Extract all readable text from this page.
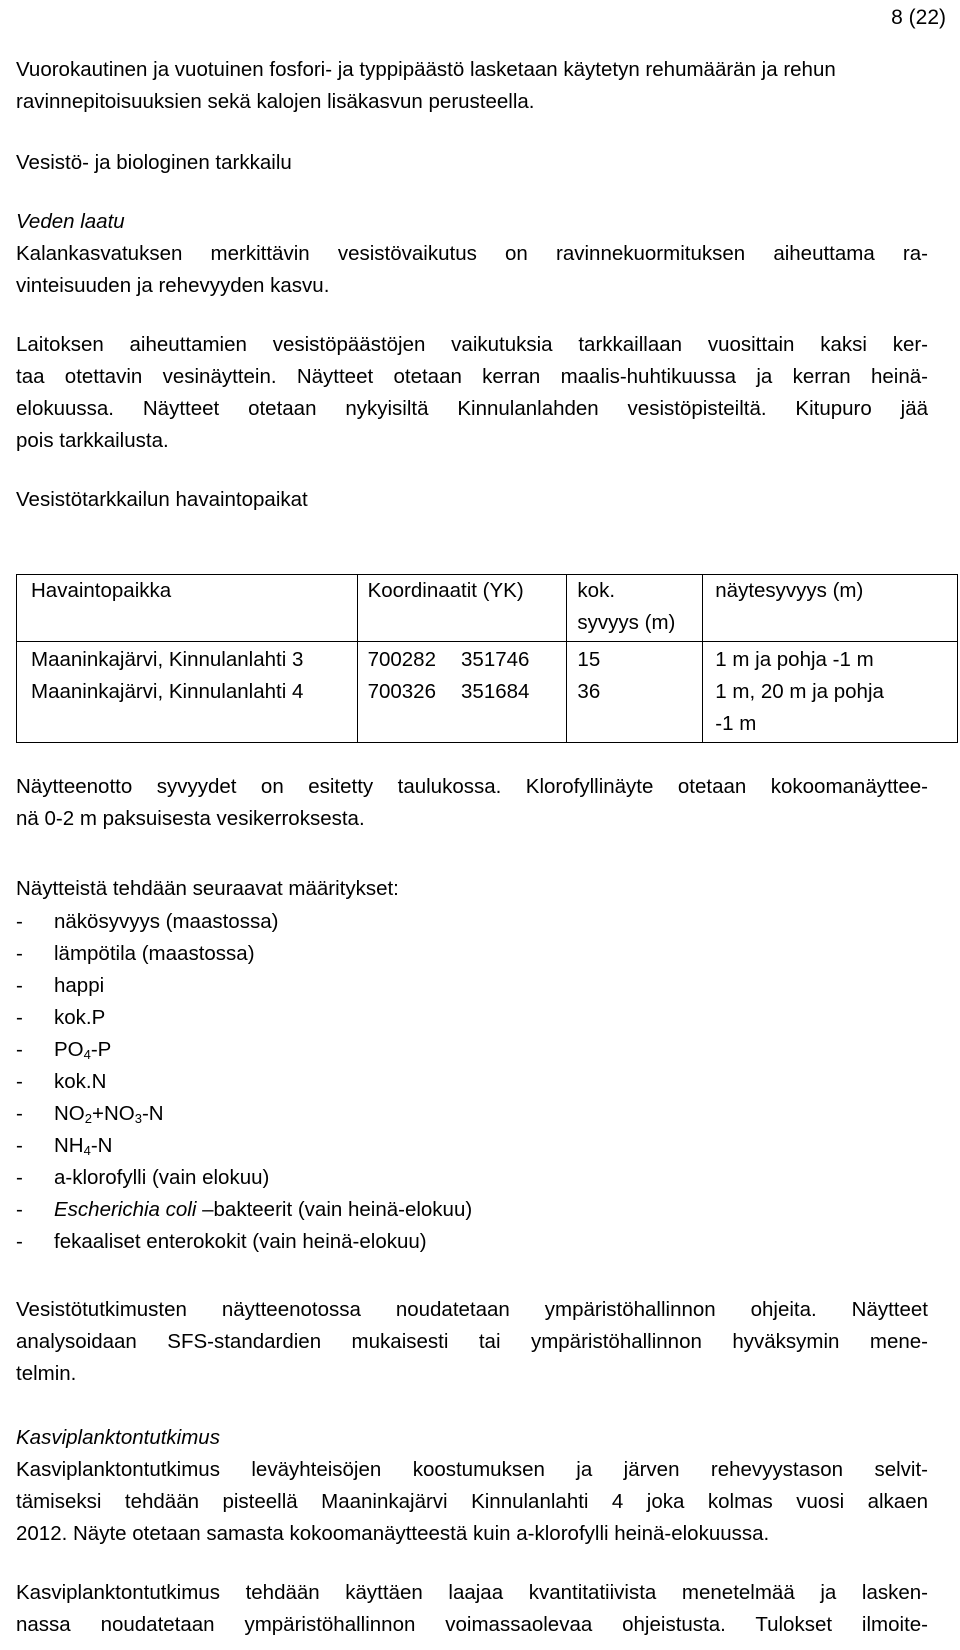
8 (22)

Vuorokautinen ja vuotuinen fosfori- ja typpipäästö lasketaan käytetyn rehumäärän ja rehun ravinnepitoisuuksien sekä kalojen lisäkasvun perusteella.

Vesistö- ja biologinen tarkkailu

Veden laatu

Kalankasvatuksen merkittävin vesistövaikutus on ravinnekuormituksen aiheuttama ra-

vinteisuuden ja rehevyyden kasvu.

Laitoksen aiheuttamien vesistöpäästöjen vaikutuksia tarkkaillaan vuosittain kaksi ker-

taa otettavin vesinäyttein. Näytteet otetaan kerran maalis-huhtikuussa ja kerran heinä-

elokuussa. Näytteet otetaan nykyisiltä Kinnulanlahden vesistöpisteiltä. Kitupuro jää

pois tarkkailusta.

Vesistötarkkailun havaintopaikat

Havaintopaikka	Koordinaatit (YK)		kok.
syvyys (m)	näytesyvyys (m)
Maaninkajärvi, Kinnulanlahti 3	700282	351746	15	1 m ja pohja -1 m
Maaninkajärvi, Kinnulanlahti 4	700326	351684	36	1 m, 20 m ja pohja
-1 m

Näytteenotto syvyydet on esitetty taulukossa. Klorofyllinäyte otetaan kokoomanäyttee-

nä 0-2 m paksuisesta vesikerroksesta.

Näytteistä tehdään seuraavat määritykset:

- näkösyvyys (maastossa)
- lämpötila (maastossa)
- happi
- kok.P
- $PO_4-P$
- kok.N
- $NO_2+NO_3-N$
- $NH_4-N$
- a-klorofylli (vain elokuu)
- Escherichia coli –bakteerit (vain heinä-elokuu)
- fekaaliset enterokokit (vain heinä-elokuu)

Vesistötutkimusten näytteenotossa noudatetaan ympäristöhallinnon ohjeita. Näytteet

analysoidaan SFS-standardien mukaisesti tai ympäristöhallinnon hyväksymin mene-

telmin.

Kasviplanktontutkimus

Kasviplanktontutkimus leväyhteisöjen koostumuksen ja järven rehevyystason selvit-

tämiseksi tehdään pisteellä Maaninkajärvi Kinnulanlahti 4 joka kolmas vuosi alkaen

2012. Näyte otetaan samasta kokoomanäytteestä kuin a-klorofylli heinä-elokuussa.

Kasviplanktontutkimus tehdään käyttäen laajaa kvantitatiivista menetelmää ja lasken-

nassa noudatetaan ympäristöhallinnon voimassaolevaa ohjeistusta. Tulokset ilmoite-
